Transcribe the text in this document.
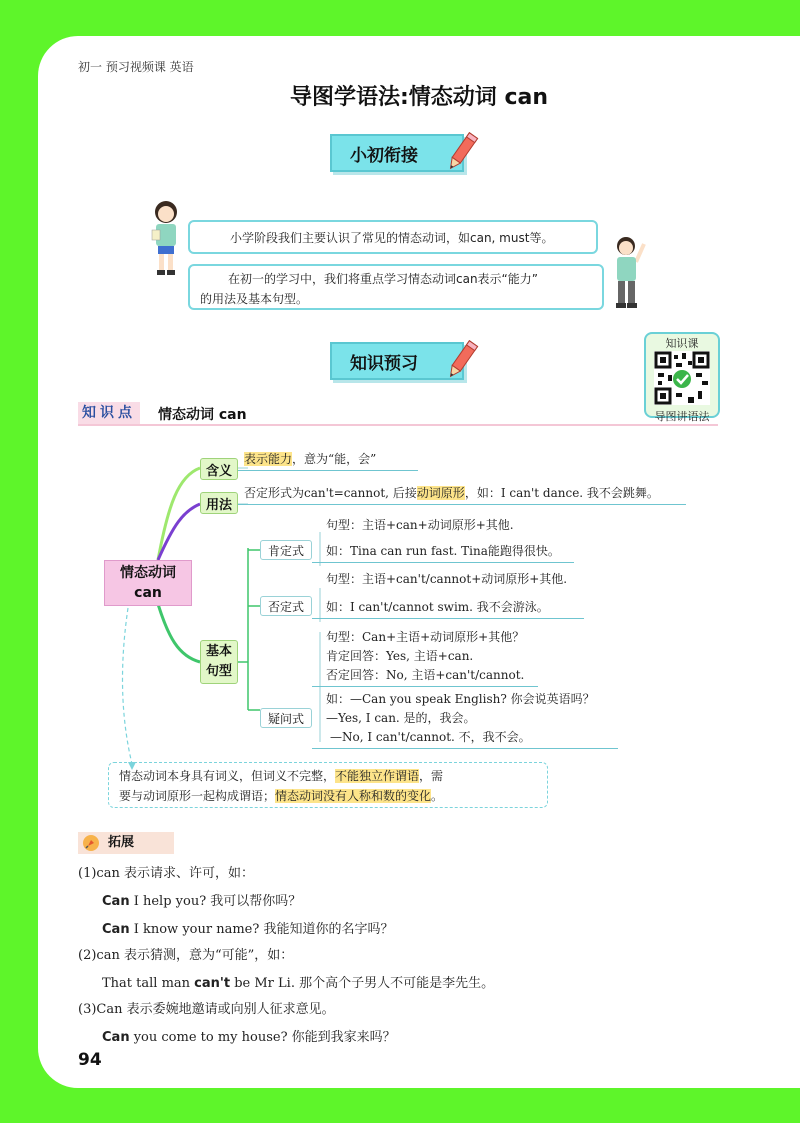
初一 预习视频课 英语
导图学语法:情态动词 can
小初衔接
小学阶段我们主要认识了常见的情态动词，如can, must等。
在初一的学习中，我们将重点学习情态动词can表示“能力”
的用法及基本句型。
知识预习
知识课
导图讲语法
知识点 情态动词 can
情态动词
can
含义
表示能力，意为“能，会”
用法
否定形式为can't=cannot, 后接动词原形，如：I can't dance. 我不会跳舞。
基本
句型
肯定式
句型：主语+can+动词原形+其他.
如：Tina can run fast. Tina能跑得很快。
否定式
句型：主语+can't/cannot+动词原形+其他.
如：I can't/cannot swim. 我不会游泳。
疑问式
句型：Can+主语+动词原形+其他？
肯定回答：Yes, 主语+can.
否定回答：No, 主语+can't/cannot.
如：—Can you speak English? 你会说英语吗？
—Yes, I can. 是的，我会。
—No, I can't/cannot. 不，我不会。
情态动词本身具有词义，但词义不完整，不能独立作谓语，需
要与动词原形一起构成谓语；情态动词没有人称和数的变化。
拓展
(1)can 表示请求、许可，如：
Can I help you? 我可以帮你吗？
Can I know your name? 我能知道你的名字吗？
(2)can 表示猜测，意为“可能”，如：
That tall man can't be Mr Li. 那个高个子男人不可能是李先生。
(3)Can 表示委婉地邀请或向别人征求意见。
Can you come to my house? 你能到我家来吗？
94
